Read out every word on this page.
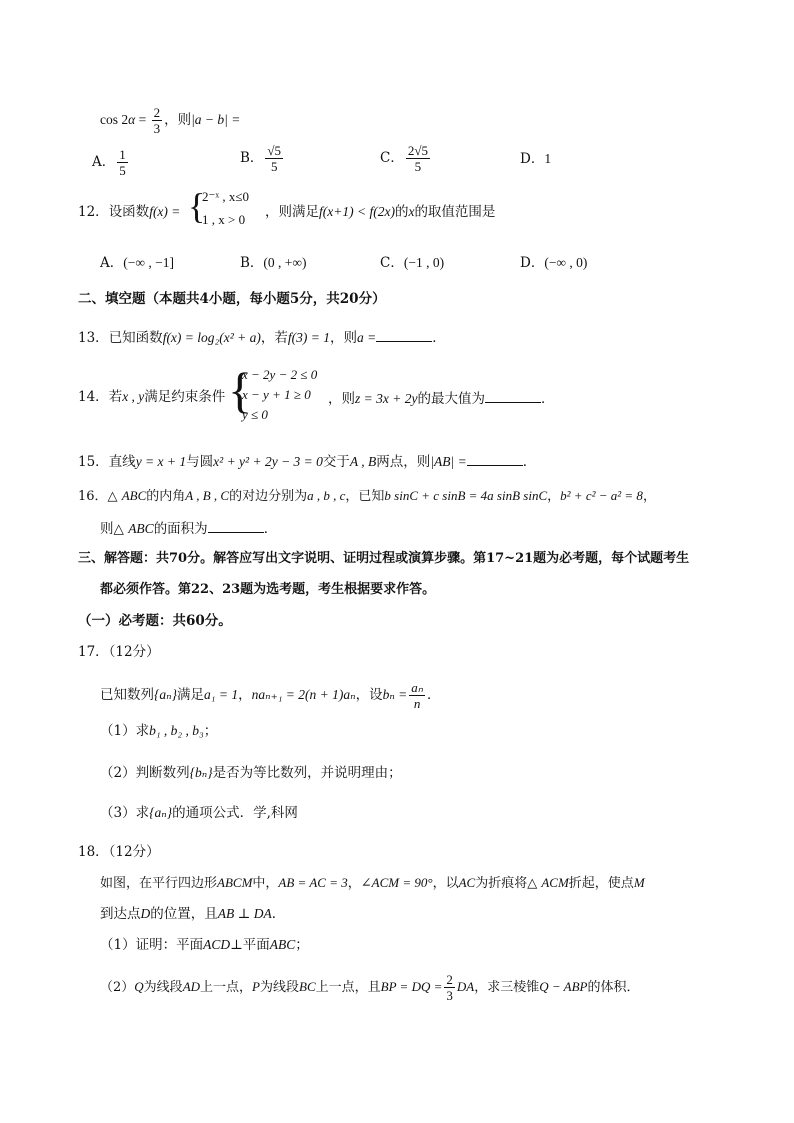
$\cos 2\alpha = \frac{2}{3}$ ，则|a − b| =
A． $\frac{1}{5}$	B． $\frac{√5}{5}$	C． $\frac{2√5}{5}$	D．1
12．设函数f(x) = {
2⁻ˣ , x≤0
1 , x > 0 ，则满足f(x+1) < f(2x)的x的取值范围是
A．(−∞ , −1]	B．(0 , +∞)	C．(−1 , 0)	D．(−∞ , 0)
二、填空题（本题共4小题，每小题5分，共20分）
13．已知函数f(x) = log₂(x² + a)，若f(3) = 1，则a =	．
14．若x , y满足约束条件 {
x − 2y − 2 ≤ 0
x − y + 1 ≥ 0
y ≤ 0
，则z = 3x + 2y的最大值为	．
15．直线y = x + 1与圆x² + y² + 2y − 3 = 0交于A , B两点，则|AB| =	．
16．△ ABC的内角A , B , C的对边分别为a , b , c，已知b sinC + c sinB = 4a sinB sinC，b² + c² − a² = 8，
则△ ABC的面积为	．
三、解答题：共70分。解答应写出文字说明、证明过程或演算步骤。第17~21题为必考题，每个试题考生
都必须作答。第22、23题为选考题，考生根据要求作答。
（一）必考题：共60分。
17．（12分）
已知数列{aₙ}满足a₁ = 1，naₙ₊₁ = 2(n + 1)aₙ，设$b_n = \frac{\text{aₙ}}{n}$ ．
（1）求b₁ , b₂ , b₃；
（2）判断数列{bₙ}是否为等比数列，并说明理由；
（3）求{aₙ}的通项公式．学,科网
18．（12分）
如图，在平行四边形ABCM中，AB = AC = 3，∠ACM = 90°，以AC为折痕将△ ACM折起，使点M
到达点D的位置，且AB ⊥ DA．
（1）证明：平面ACD⊥平面ABC；
（2）Q为线段AD上一点，P为线段BC上一点，且BP = DQ = $\frac{2}{3}$ DA，求三棱锥Q − ABP的体积．
